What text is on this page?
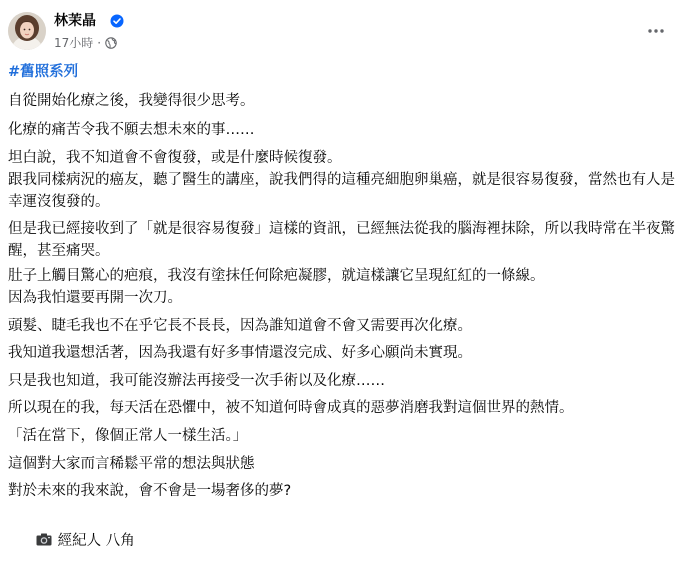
林茉晶
17小時 ·
#舊照系列
自從開始化療之後，我變得很少思考。
化療的痛苦令我不願去想未來的事……
坦白說，我不知道會不會復發，或是什麼時候復發。
跟我同樣病況的癌友，聽了醫生的講座，說我們得的這種亮細胞卵巢癌，就是很容易復發，當然也有人是幸運沒復發的。
但是我已經接收到了「就是很容易復發」這樣的資訊，已經無法從我的腦海裡抹除，所以我時常在半夜驚醒，甚至痛哭。
肚子上觸目驚心的疤痕，我沒有塗抹任何除疤凝膠，就這樣讓它呈現紅紅的一條線。
因為我怕還要再開一次刀。
頭髮、睫毛我也不在乎它長不長長，因為誰知道會不會又需要再次化療。
我知道我還想活著，因為我還有好多事情還沒完成、好多心願尚未實現。
只是我也知道，我可能沒辦法再接受一次手術以及化療……
所以現在的我，每天活在恐懼中，被不知道何時會成真的惡夢消磨我對這個世界的熱情。
「活在當下，像個正常人一樣生活。」
這個對大家而言稀鬆平常的想法與狀態
對於未來的我來說，會不會是一場奢侈的夢?

經紀人 八角
